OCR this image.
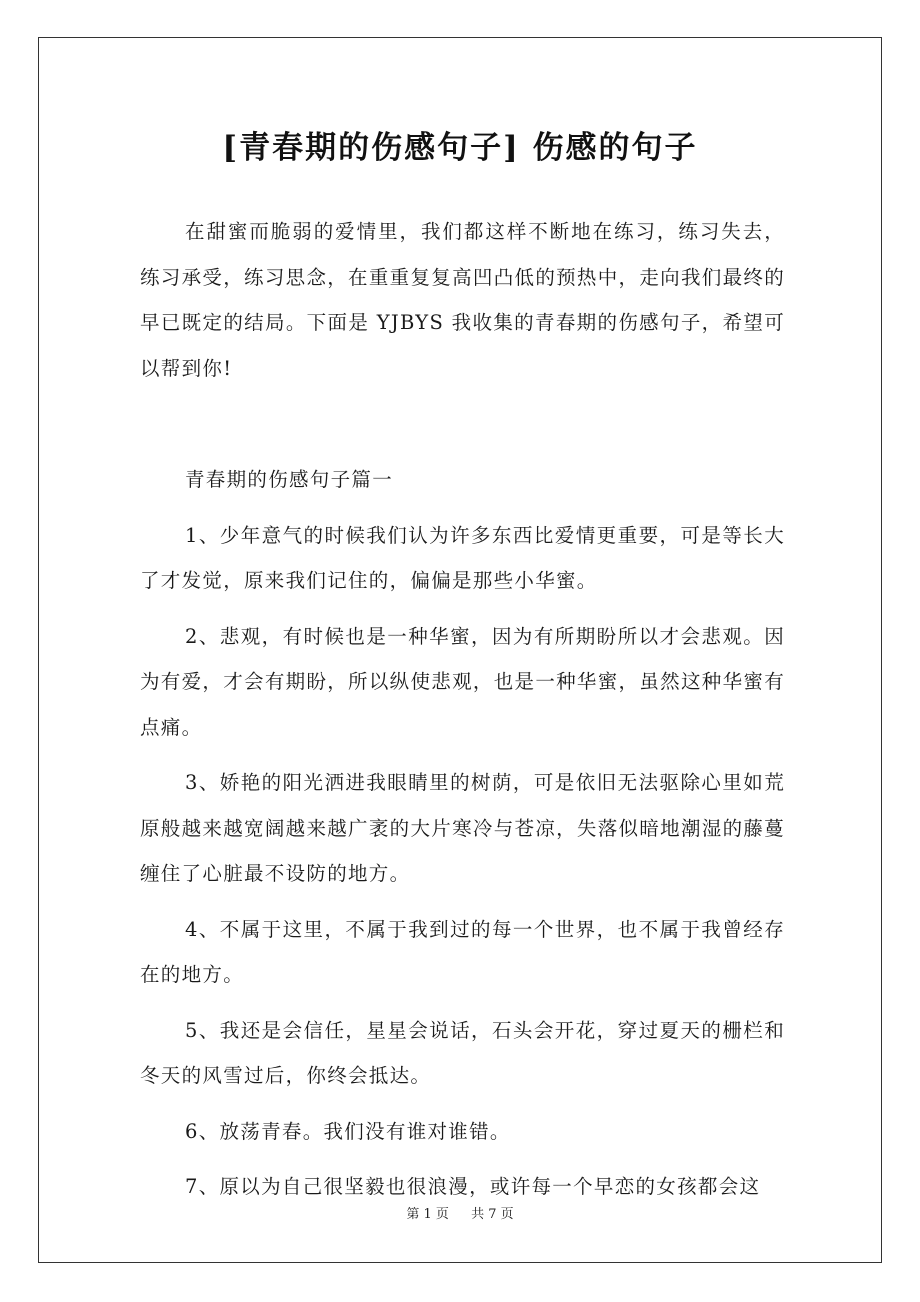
[青春期的伤感句子] 伤感的句子

在甜蜜而脆弱的爱情里，我们都这样不断地在练习，练习失去，练习承受，练习思念，在重重复复高凹凸低的预热中，走向我们最终的早已既定的结局。下面是 YJBYS 我收集的青春期的伤感句子，希望可以帮到你!

青春期的伤感句子篇一

1、少年意气的时候我们认为许多东西比爱情更重要，可是等长大了才发觉，原来我们记住的，偏偏是那些小华蜜。

2、悲观，有时候也是一种华蜜，因为有所期盼所以才会悲观。因为有爱，才会有期盼，所以纵使悲观，也是一种华蜜，虽然这种华蜜有点痛。

3、娇艳的阳光洒进我眼睛里的树荫，可是依旧无法驱除心里如荒原般越来越宽阔越来越广袤的大片寒冷与苍凉，失落似暗地潮湿的藤蔓缠住了心脏最不设防的地方。

4、不属于这里，不属于我到过的每一个世界，也不属于我曾经存在的地方。

5、我还是会信任，星星会说话，石头会开花，穿过夏天的栅栏和冬天的风雪过后，你终会抵达。

6、放荡青春。我们没有谁对谁错。

7、原以为自己很坚毅也很浪漫，或许每一个早恋的女孩都会这

第 1 页 共 7 页
